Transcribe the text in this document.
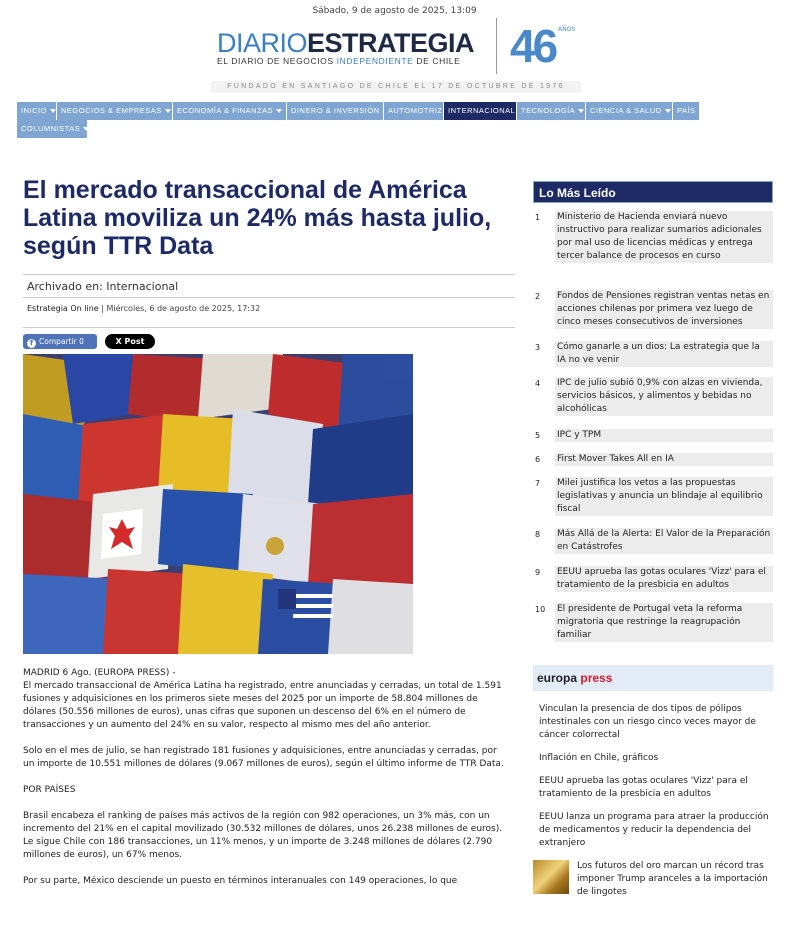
Sábado, 9 de agosto de 2025, 13:09
DIARIOESTRATEGIA
EL DIARIO DE NEGOCIOS INDEPENDIENTE DE CHILE 46 AÑOS
FUNDADO EN SANTIAGO DE CHILE EL 17 DE OCTUBRE DE 1976
INICIO	NEGOCIOS & EMPRESAS	ECONOMÍA & FINANZAS	DINERO & INVERSIÓN	AUTOMOTRIZ INTERNACIONAL TECNOLOGÍA	CIENCIA & SALUD	PAÍS
COLUMNISTAS
El mercado transaccional de América Latina moviliza un 24% más hasta julio, según TTR Data
Archivado en: Internacional
Estrategia On line | Miércoles, 6 de agosto de 2025, 17:32
f Compartir 0	X Post

MADRID 6 Ago. (EUROPA PRESS) -

El mercado transaccional de América Latina ha registrado, entre anunciadas y cerradas, un total de 1.591 fusiones y adquisiciones en los primeros siete meses del 2025 por un importe de 58.804 millones de dólares (50.556 millones de euros), unas cifras que suponen un descenso del 6% en el número de transacciones y un aumento del 24% en su valor, respecto al mismo mes del año anterior.

Solo en el mes de julio, se han registrado 181 fusiones y adquisiciones, entre anunciadas y cerradas, por un importe de 10.551 millones de dólares (9.067 millones de euros), según el último informe de TTR Data.

POR PAÍSES

Brasil encabeza el ranking de países más activos de la región con 982 operaciones, un 3% más, con un incremento del 21% en el capital movilizado (30.532 millones de dólares, unos 26.238 millones de euros). Le sigue Chile con 186 transacciones, un 11% menos, y un importe de 3.248 millones de dólares (2.790 millones de euros), un 67% menos.

Por su parte, México desciende un puesto en términos interanuales con 149 operaciones, lo que

Lo Más Leído
1	Ministerio de Hacienda enviará nuevo instructivo para realizar sumarios adicionales por mal uso de licencias médicas y entrega tercer balance de procesos en curso
2	Fondos de Pensiones registran ventas netas en acciones chilenas por primera vez luego de cinco meses consecutivos de inversiones
3	Cómo ganarle a un dios: La estrategia que la IA no ve venir
4	IPC de julio subió 0,9% con alzas en vivienda, servicios básicos, y alimentos y bebidas no alcohólicas
5	IPC y TPM
6	First Mover Takes All en IA
7	Milei justifica los vetos a las propuestas legislativas y anuncia un blindaje al equilibrio fiscal
8	Más Allá de la Alerta: El Valor de la Preparación en Catástrofes
9	EEUU aprueba las gotas oculares 'Vizz' para el tratamiento de la presbicia en adultos
10 El presidente de Portugal veta la reforma migratoria que restringe la reagrupación familiar
europa press
Vinculan la presencia de dos tipos de pólipos intestinales con un riesgo cinco veces mayor de cáncer colorrectal
Inflación en Chile, gráficos
EEUU aprueba las gotas oculares 'Vizz' para el tratamiento de la presbicia en adultos
EEUU lanza un programa para atraer la producción de medicamentos y reducir la dependencia del extranjero
Los futuros del oro marcan un récord tras imponer Trump aranceles a la importación de lingotes
